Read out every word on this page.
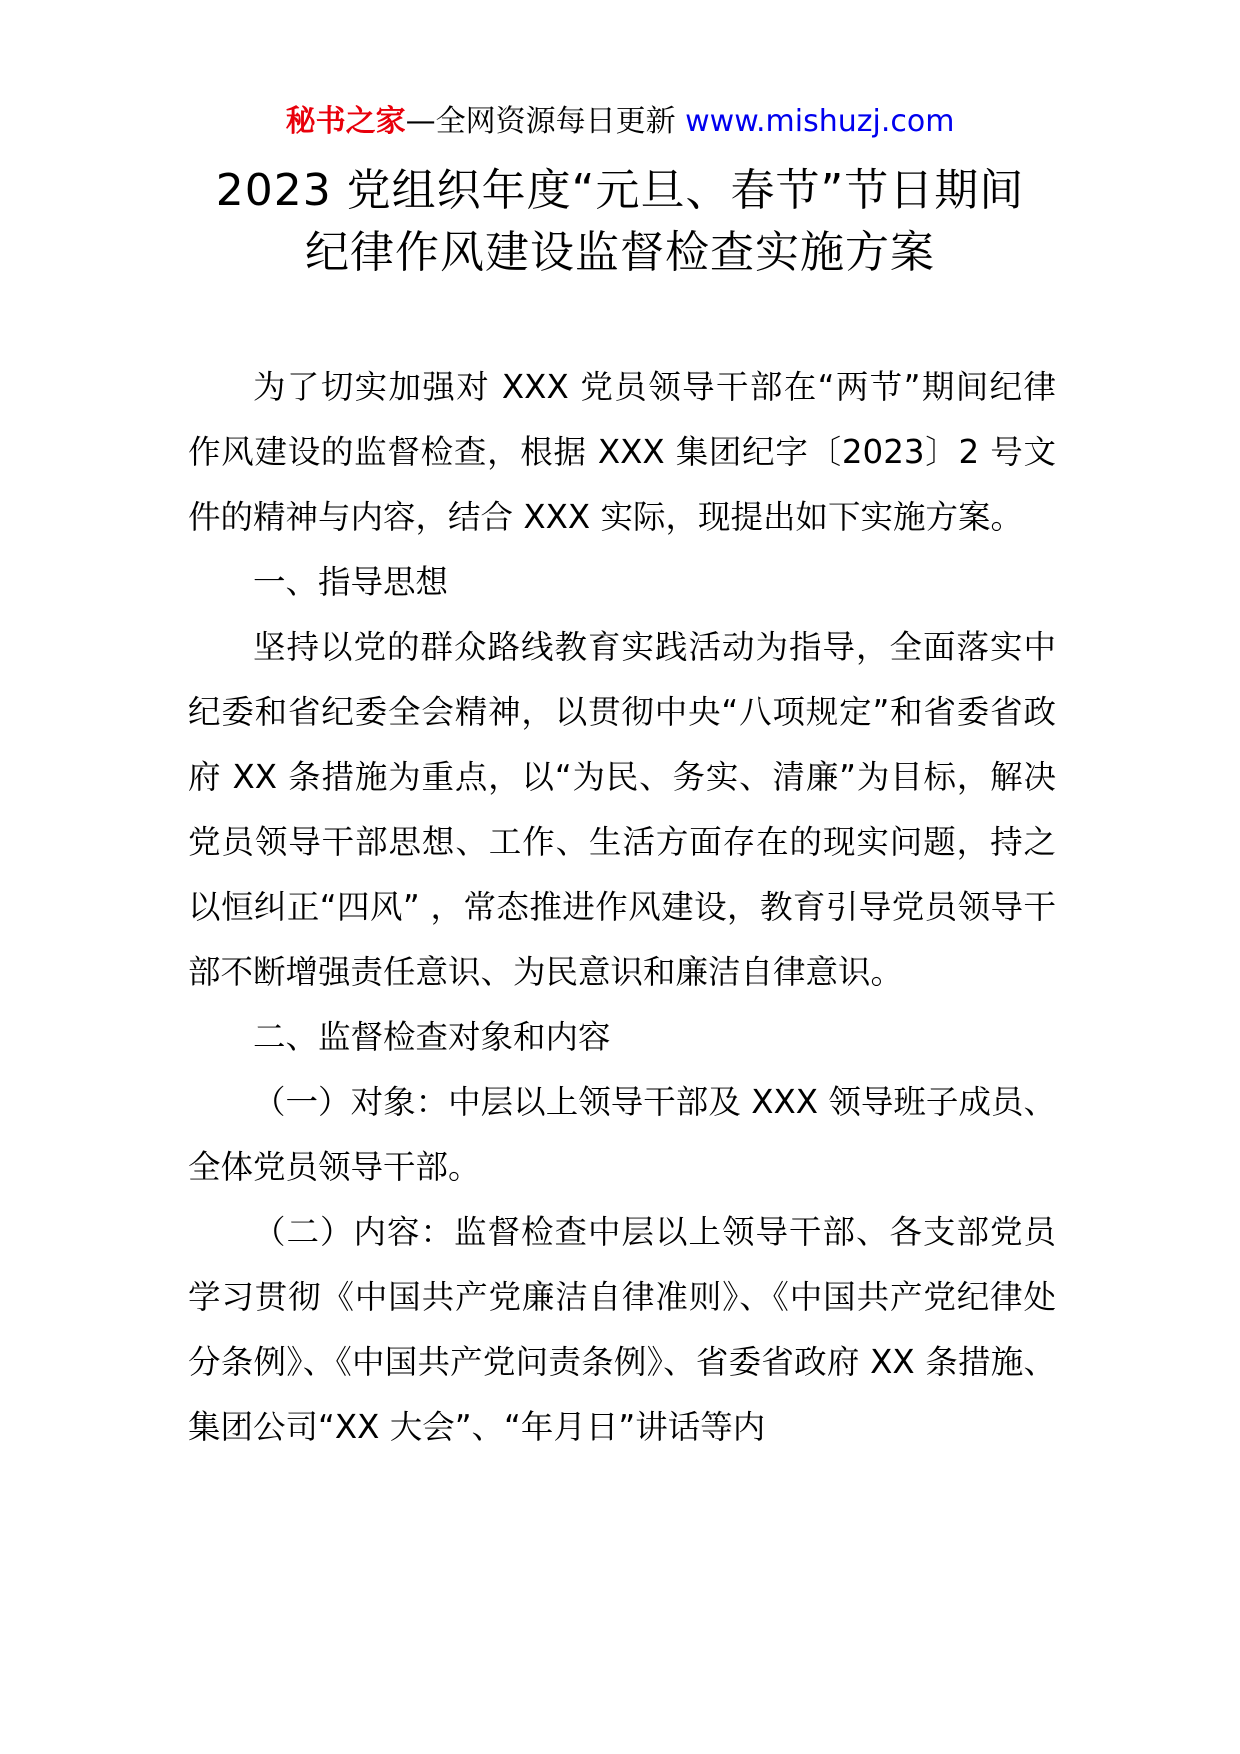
秘书之家—全网资源每日更新 www.mishuzj.com
2023 党组织年度“元旦、春节”节日期间
纪律作风建设监督检查实施方案

为了切实加强对 XXX 党员领导干部在“两节”期间纪律作风建设的监督检查，根据 XXX 集团纪字〔2023〕2 号文件的精神与内容，结合 XXX 实际，现提出如下实施方案。

一、指导思想

坚持以党的群众路线教育实践活动为指导，全面落实中纪委和省纪委全会精神，以贯彻中央“八项规定”和省委省政府 XX 条措施为重点，以“为民、务实、清廉”为目标，解决党员领导干部思想、工作、生活方面存在的现实问题，持之以恒纠正“四风” ，常态推进作风建设，教育引导党员领导干部不断增强责任意识、为民意识和廉洁自律意识。

二、监督检查对象和内容

（一）对象：中层以上领导干部及 XXX 领导班子成员、全体党员领导干部。

（二）内容：监督检查中层以上领导干部、各支部党员学习贯彻《中国共产党廉洁自律准则》、《中国共产党纪律处分条例》、《中国共产党问责条例》、省委省政府 XX 条措施、集团公司“XX 大会”、“年月日”讲话等内
